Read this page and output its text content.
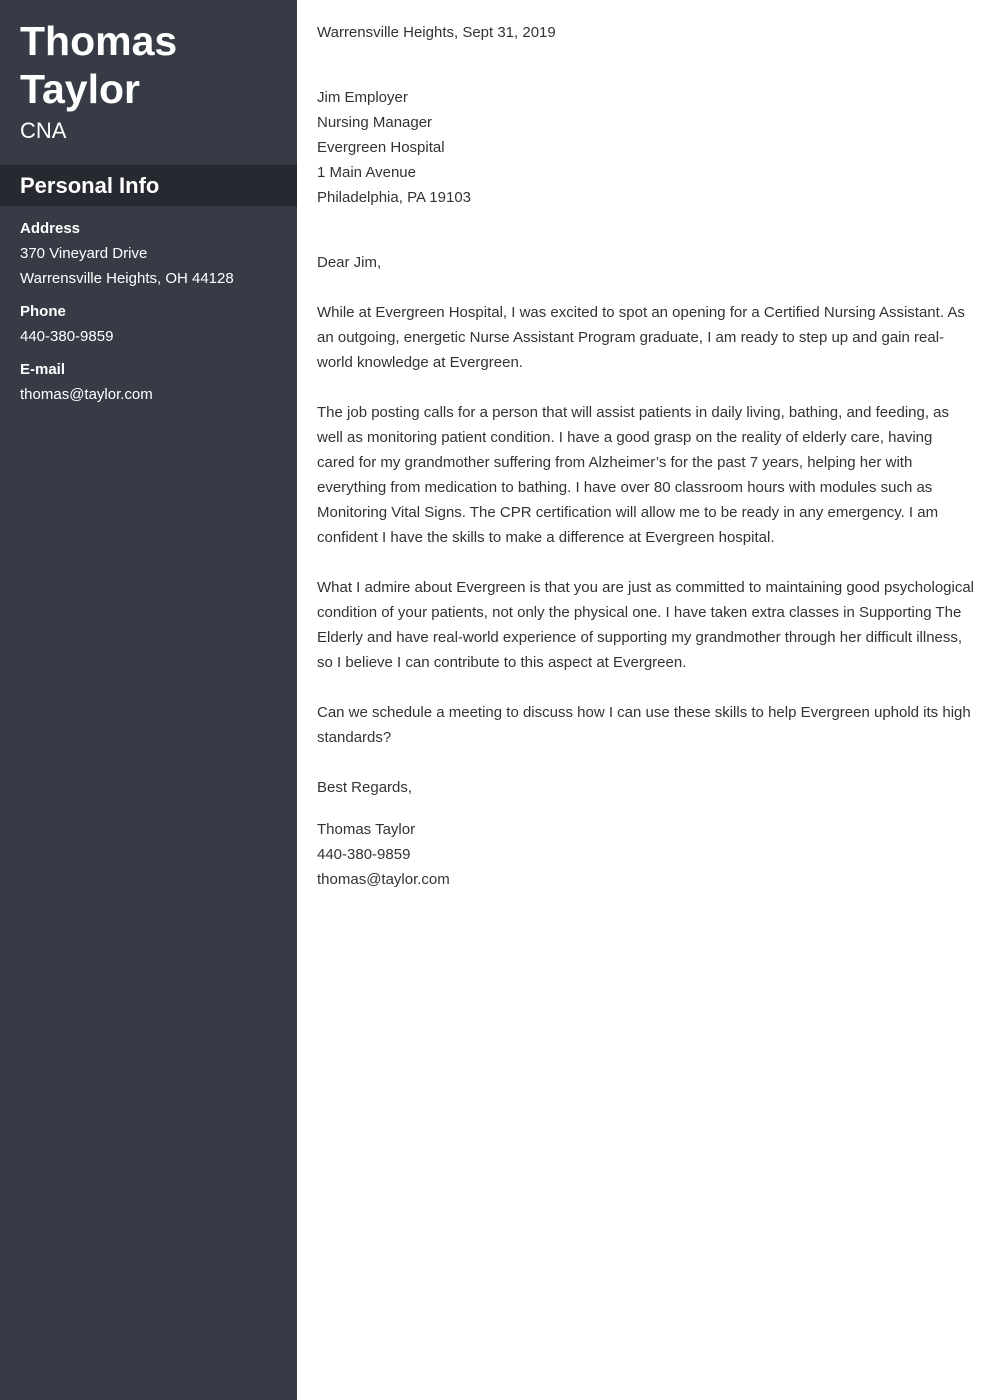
Thomas
Taylor
CNA
Personal Info
Address
370 Vineyard Drive
Warrensville Heights, OH 44128
Phone
440-380-9859
E-mail
thomas@taylor.com
Warrensville Heights, Sept 31, 2019
Jim Employer
Nursing Manager
Evergreen Hospital
1 Main Avenue
Philadelphia, PA 19103

Dear Jim,

While at Evergreen Hospital, I was excited to spot an opening for a Certified Nursing Assistant. As an outgoing, energetic Nurse Assistant Program graduate, I am ready to step up and gain real-world knowledge at Evergreen.

The job posting calls for a person that will assist patients in daily living, bathing, and feeding, as well as monitoring patient condition. I have a good grasp on the reality of elderly care, having cared for my grandmother suffering from Alzheimer’s for the past 7 years, helping her with everything from medication to bathing. I have over 80 classroom hours with modules such as Monitoring Vital Signs. The CPR certification will allow me to be ready in any emergency. I am confident I have the skills to make a difference at Evergreen hospital.

What I admire about Evergreen is that you are just as committed to maintaining good psychological condition of your patients, not only the physical one. I have taken extra classes in Supporting The Elderly and have real-world experience of supporting my grandmother through her difficult illness, so I believe I can contribute to this aspect at Evergreen.

Can we schedule a meeting to discuss how I can use these skills to help Evergreen uphold its high standards?

Best Regards,

Thomas Taylor
440-380-9859
thomas@taylor.com
